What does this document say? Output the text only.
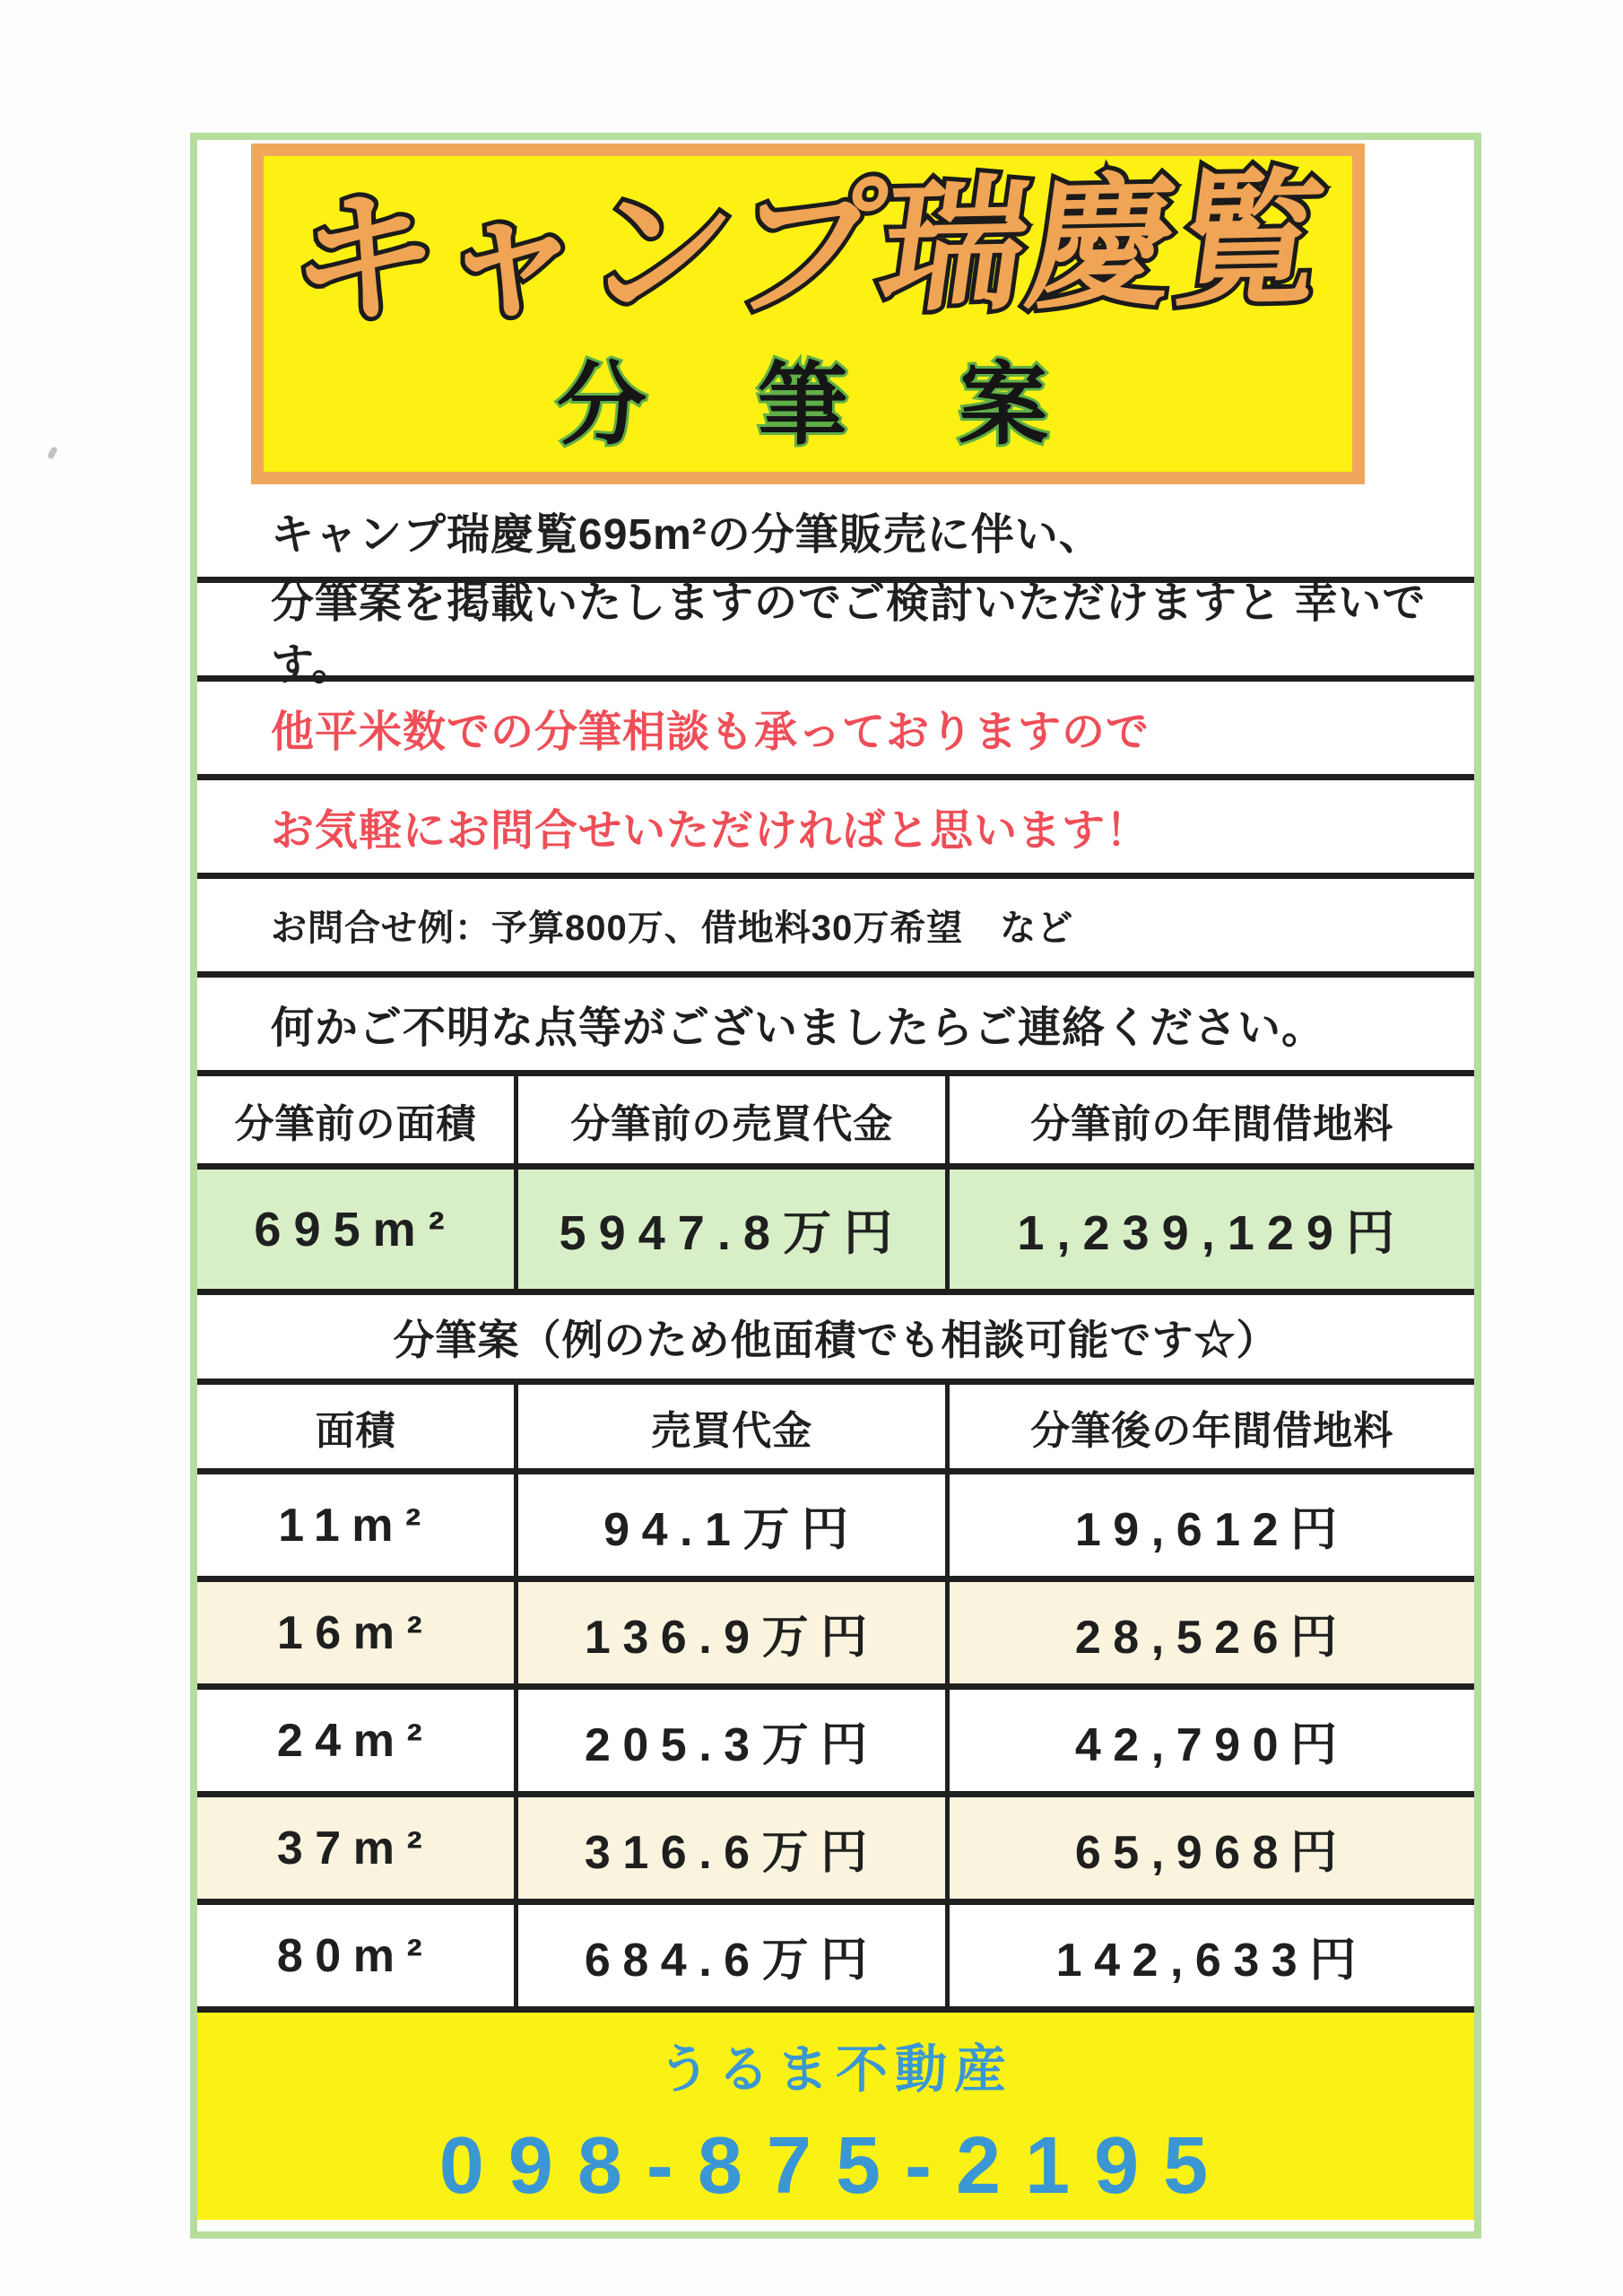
キャンプ瑞慶覧
分　筆　案
キャンプ瑞慶覧695m²の分筆販売に伴い、
分筆案を掲載いたしますのでご検討いただけますと 幸いです。
他平米数での分筆相談も承っておりますので
お気軽にお問合せいただければと思います！
お問合せ例：予算800万、借地料30万希望　など
何かご不明な点等がございましたらご連絡ください。
分筆前の面積	分筆前の売買代金	分筆前の年間借地料
695m²	5947.8万円	1,239,129円
分筆案（例のため他面積でも相談可能です☆）
面積	売買代金	分筆後の年間借地料
11m²	94.1万円	19,612円
16m²	136.9万円	28,526円
24m²	205.3万円	42,790円
37m²	316.6万円	65,968円
80m²	684.6万円	142,633円
うるま不動産
098-875-2195
